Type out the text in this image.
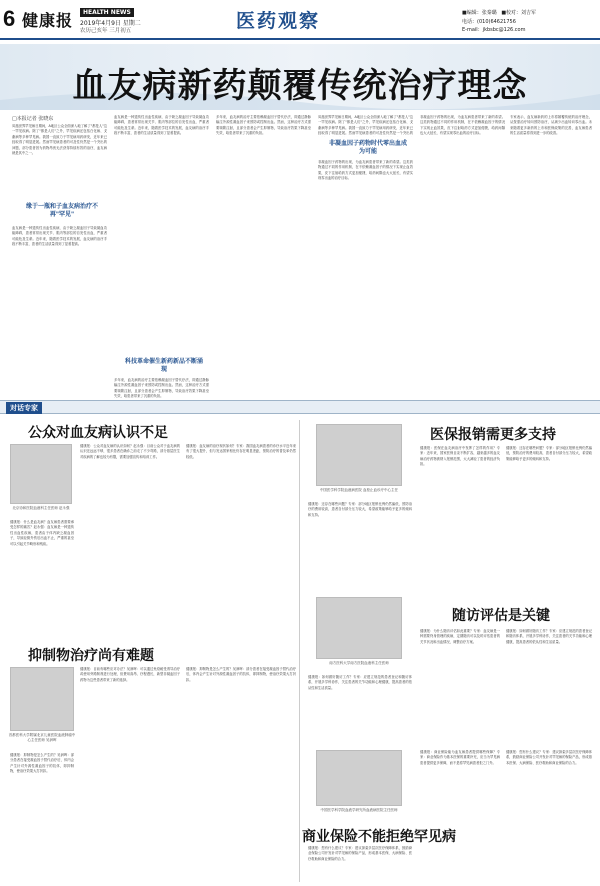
6 健康报	HEALTH NEWS
2019年4月9日 星期二
农历己亥年 三月初五	医药观察	■编辑：张秦璐 ■校对：刘吉军
电话：(010)64621756
E-mail：jkbsbc@126.com
血友病新药颠覆传统治疗理念
□本报记者 张晓东
凤凰世界罕见病日期间，A地区公众全面深入地了解了"都是人"这一罕见疾病。除了"都是人们"之外，罕见疾病还包括白化病、戈谢病等多种罕见病。我国一直致力于罕见病用药研发，近年来已经取得了明显进展。然而罕见病患者的可及性仍然是一个突出的问题，部分患者因为药物昂贵无法获得持续有效的治疗，血友病就是其中之一。
缘于一瓶和子血友病治疗不再"罕见"
血友病是一种遗传性出血性疾病，由于缺乏凝血因子导致凝血功能障碍，患者常常出现关节、肌肉等部位的自发性出血，严重者可能危及生命。近年来，随着医学技术的发展，血友病的治疗手段不断丰富，患者的生活质量得到了显著提高。
血友病是一种遗传性出血性疾病，由于缺乏凝血因子导致凝血功能障碍，患者常常出现关节、肌肉等部位的自发性出血，严重者可能危及生命。近年来，随着医学技术的发展，血友病的治疗手段不断丰富，患者的生活质量得到了显著提高。
科技革命催生新药新品不断涌现
多年来，血友病的治疗主要依赖凝血因子替代疗法，即通过静脉输注外源性凝血因子来预防或控制出血。然而，这种治疗方式需要频繁注射，且部分患者会产生抑制物，导致治疗效果下降甚至失效，给患者带来了沉重的负担。
多年来，血友病的治疗主要依赖凝血因子替代疗法，即通过静脉输注外源性凝血因子来预防或控制出血。然而，这种治疗方式需要频繁注射，且部分患者会产生抑制物，导致治疗效果下降甚至失效，给患者带来了沉重的负担。
凤凰世界罕见病日期间，A地区公众全面深入地了解了"都是人"这一罕见疾病。除了"都是人们"之外，罕见疾病还包括白化病、戈谢病等多种罕见病。我国一直致力于罕见病用药研发，近年来已经取得了明显进展。然而罕见病患者的可及性仍然是一个突出的
非凝血因子药物时代零出血成为可能
非凝血因子药物的出现，为血友病患者带来了新的希望。这类药物通过不同的作用机制，在不依赖凝血因子的情况下实现止血效果，皮下注射给药方式更加便捷，给药间隔也大大延长，有望实现零出血的治疗目标。
非凝血因子药物的出现，为血友病患者带来了新的希望。这类药物通过不同的作用机制，在不依赖凝血因子的情况下实现止血效果，皮下注射给药方式更加便捷，给药间隔也大大延长，有望实现零出血的治疗目标。
专家表示，血友病新药的上市将颠覆传统的治疗理念，从按需治疗转向预防治疗，从减少出血转向零出血。未来随着更多新药的上市和医保政策的完善，血友病患者的生活质量将得到进一步的改善。
对话专家
公众对血友病认识不足
北京协和医院血液科主任医师 赵永强
健康报：什么是血友病？血友病患者需要承受怎样的痛苦？赵永强：血友病是一种遗传性出血性疾病，患者由于体内缺乏凝血因子，导致轻微外伤后出血不止，严重的甚至可以引起关节畸形和残疾。
健康报：公众对血友病的认识如何？赵永强：目前公众对于血友病的认识还远远不够，很多患者在确诊之前走了不少弯路，部分基层医生对疾病的了解也较为有限，需要加强宣传和培训工作。
健康报：血友病的治疗现状如何？专家：我国血友病患者的诊疗水平近年来有了很大提升，但与发达国家相比仍存在明显差距，预防治疗的普及率仍然较低。
中国医学科学院血液病医院 血栓止血诊疗中心主任
医保报销需更多支持
健康报：医保在血友病治疗中发挥了怎样的作用？专家：近年来，国家医保目录不断扩容，越来越多的血友病治疗药物被纳入报销范围，大大减轻了患者的经济负担。
健康报：还存在哪些问题？专家：部分地区报销比例仍然偏低，预防治疗的费用较高，患者自付部分压力较大，希望政策能够给予更多的倾斜和支持。
健康报：还存在哪些问题？专家：部分地区报销比例仍然偏低，预防治疗的费用较高，患者自付部分压力较大，希望政策能够给予更多的倾斜和支持。
抑制物治疗尚有难题
首都医科大学附属北京儿童医院血液肿瘤中心主任医师 吴润晖
健康报：抑制物是怎么产生的？吴润晖：部分患者在接受凝血因子替代治疗后，体内会产生针对外源性凝血因子的抗体，即抑制物，使治疗效果大打折扣。
健康报：目前有哪些应对办法？吴润晖：可以通过免疫耐受诱导治疗或使用旁路制剂进行处理，但费用高昂、疗程漫长，新型非凝血因子药物为这些患者带来了新的选择。
健康报：抑制物是怎么产生的？吴润晖：部分患者在接受凝血因子替代治疗后，体内会产生针对外源性凝血因子的抗体，即抑制物，使治疗效果大打折扣。
南方医科大学南方医院血液科主任医师
随访评估是关键
健康报：为什么随访评估如此重要？专家：血友病是一种需要终身管理的疾病，定期随访可以及时评估患者的关节状况和出血情况，调整治疗方案。
健康报：如何做好随访工作？专家：应建立规范的患者登记和随访体系，开展多学科协作，关注患者的关节功能和心理健康，提高患者的依从性和生活质量。
健康报：如何做好随访工作？专家：应建立规范的患者登记和随访体系，开展多学科协作，关注患者的关节功能和心理健康，提高患者的依从性和生活质量。
中国医学科学院血液学研究所血液病医院主任医师
商业保险不能拒绝罕见病
健康报：商业保险能为血友病患者提供哪些保障？专家：商业保险作为基本医保的重要补充，应当为罕见病患者提供更多保障，而不是将罕见病患者拒之门外。
健康报：您有什么建议？专家：建议探索多层次医疗保障体系，鼓励商业保险公司开发针对罕见病的保险产品，形成基本医保、大病保险、医疗救助和商业保险的合力。
健康报：您有什么建议？专家：建议探索多层次医疗保障体系，鼓励商业保险公司开发针对罕见病的保险产品，形成基本医保、大病保险、医疗救助和商业保险的合力。
